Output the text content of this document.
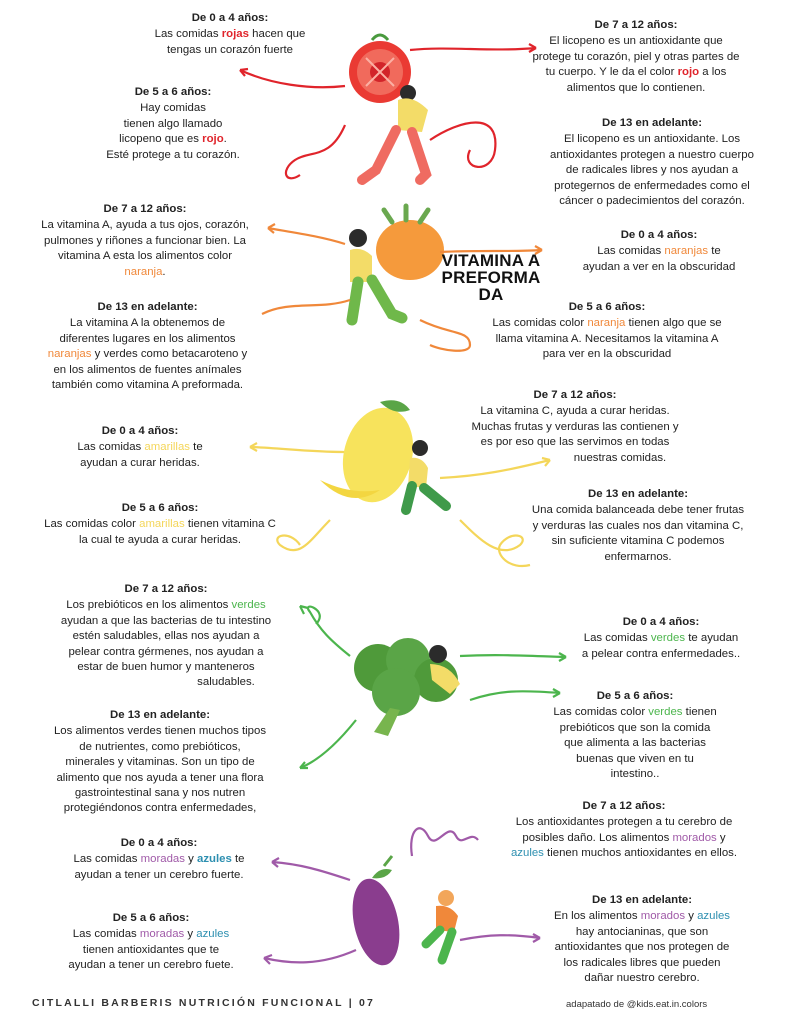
De 0 a 4 años:
Las comidas rojas hacen que
tengas un corazón fuerte
De 5 a 6 años:
Hay comidas
tienen algo llamado
licopeno que es rojo.
Esté protege a tu corazón.
De 7 a 12 años:
El licopeno es un antioxidante que
protege tu corazón, piel y otras partes de
tu cuerpo. Y le da el color rojo a los
alimentos que lo contienen.
De 13 en adelante:
El licopeno es un antioxidante. Los
antioxidantes protegen a nuestro cuerpo
de radicales libres y nos ayudan a
protegernos de enfermedades como el
cáncer o padecimientos del corazón.
De 7 a 12 años:
La vitamina A, ayuda a tus ojos, corazón,
pulmones y riñones a funcionar bien. La
vitamina A esta los alimentos color
naranja.
VITAMINA A PREFORMA DA
De 13 en adelante:
La vitamina A la obtenemos de
diferentes lugares en los alimentos
naranjas y verdes como betacaroteno y
en los alimentos de fuentes anímales
también como vitamina A preformada.
De 0 a 4 años:
Las comidas naranjas te
ayudan a ver en la obscuridad
De 5 a 6 años:
Las comidas color naranja tienen algo que se
llama vitamina A. Necesitamos la vitamina A
para ver en la obscuridad
De 0 a 4 años:
Las comidas amarillas te
ayudan a curar heridas.
De 5 a 6 años:
Las comidas color amarillas tienen vitamina C
la cual te ayuda a curar heridas.
De 7 a 12 años:
La vitamina C, ayuda a curar heridas.
Muchas frutas y verduras las contienen y
es por eso que las servimos en todas
nuestras comidas.
De 13 en adelante:
Una comida balanceada debe tener frutas
y verduras las cuales nos dan vitamina C,
sin suficiente vitamina C podemos
enfermarnos.
De 7 a 12 años:
Los prebióticos en los alimentos verdes
ayudan a que las bacterias de tu intestino
estén saludables, ellas nos ayudan a
pelear contra gérmenes, nos ayudan a
estar de buen humor y manteneros
saludables.
De 13 en adelante:
Los alimentos verdes tienen muchos tipos
de nutrientes, como prebióticos,
minerales y vitaminas. Son un tipo de
alimento que nos ayuda a tener una flora
gastrointestinal sana y nos nutren
protegiéndonos contra enfermedades,
De 0 a 4 años:
Las comidas verdes te ayudan
a pelear contra enfermedades..
De 5 a 6 años:
Las comidas color verdes tienen
prebióticos que son la comida
que alimenta a las bacterias
buenas que viven en tu
intestino..
De 7 a 12 años:
Los antioxidantes protegen a tu cerebro de
posibles daño. Los alimentos morados y
azules tienen muchos antioxidantes en ellos.
De 0 a 4 años:
Las comidas moradas y azules te
ayudan a tener un cerebro fuerte.
De 5 a 6 años:
Las comidas moradas y azules
tienen antioxidantes que te
ayudan a tener un cerebro fuete.
De 13 en adelante:
En los alimentos morados y azules
hay antocianinas, que son
antioxidantes que nos protegen de
los radicales libres que pueden
dañar nuestro cerebro.
CITLALLI BARBERIS NUTRICIÓN FUNCIONAL | 07	adapatado de @kids.eat.in.colors
